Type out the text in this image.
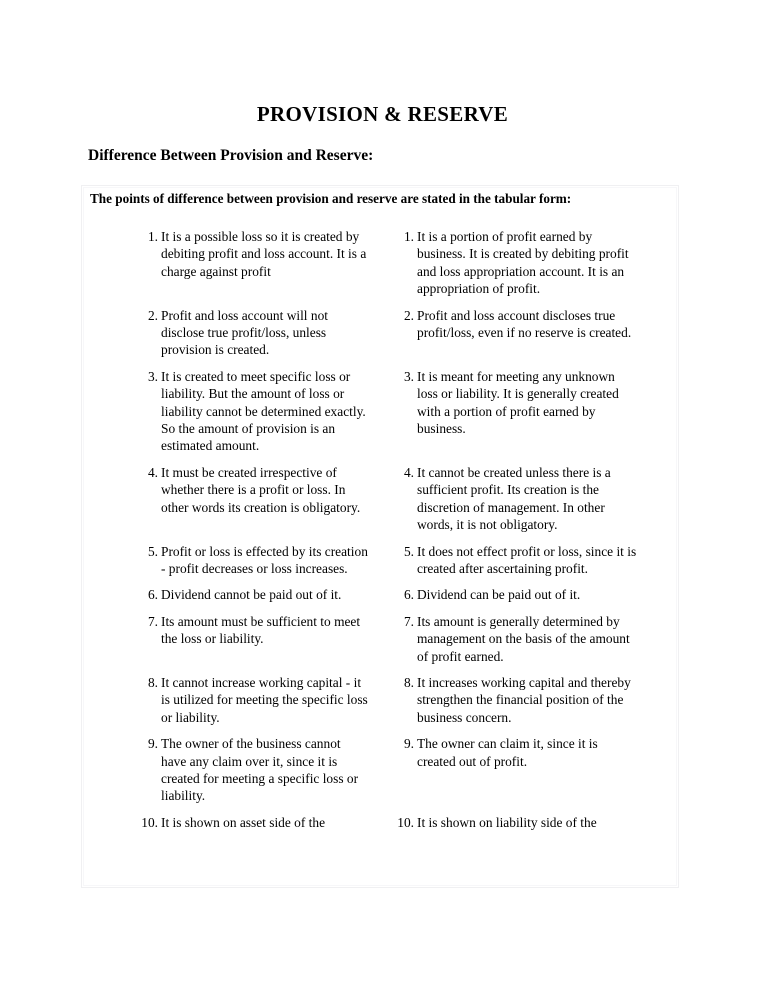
PROVISION & RESERVE
Difference Between Provision and Reserve:
The points of difference between provision and reserve are stated in the tabular form:
1. It is a possible loss so it is created by debiting profit and loss account. It is a charge against profit	1. It is a portion of profit earned by business. It is created by debiting profit and loss appropriation account. It is an appropriation of profit.

2. Profit and loss account will not disclose true profit/loss, unless provision is created.	2. Profit and loss account discloses true profit/loss, even if no reserve is created.

3. It is created to meet specific loss or liability. But the amount of loss or liability cannot be determined exactly. So the amount of provision is an estimated amount.	3. It is meant for meeting any unknown loss or liability. It is generally created with a portion of profit earned by business.

4. It must be created irrespective of whether there is a profit or loss. In other words its creation is obligatory.	4. It cannot be created unless there is a sufficient profit. Its creation is the discretion of management. In other words, it is not obligatory.

5. Profit or loss is effected by its creation - profit decreases or loss increases.	5. It does not effect profit or loss, since it is created after ascertaining profit.

6. Dividend cannot be paid out of it.	6. Dividend can be paid out of it.

7. Its amount must be sufficient to meet the loss or liability.	7. Its amount is generally determined by management on the basis of the amount of profit earned.

8. It cannot increase working capital - it is utilized for meeting the specific loss or liability.	8. It increases working capital and thereby strengthen the financial position of the business concern.

9. The owner of the business cannot have any claim over it, since it is created for meeting a specific loss or liability.	9. The owner can claim it, since it is created out of profit.

10. It is shown on asset side of the	10. It is shown on liability side of the
